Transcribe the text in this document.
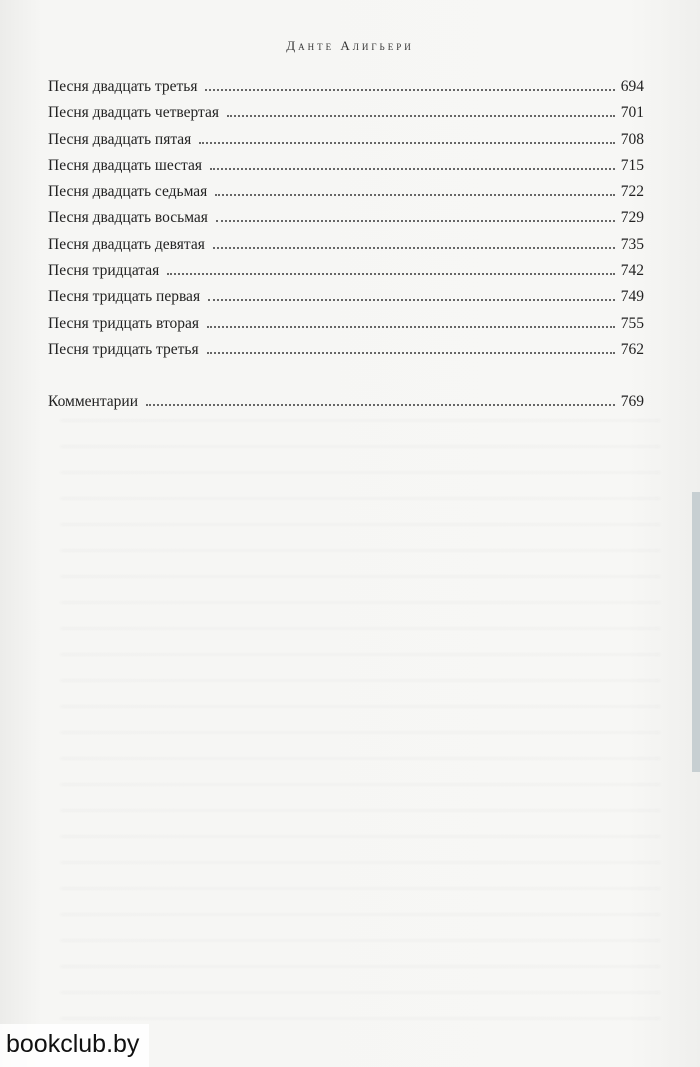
Данте Алигьери
Песня двадцать третья	694
Песня двадцать четвертая	701
Песня двадцать пятая	708
Песня двадцать шестая	715
Песня двадцать седьмая	722
Песня двадцать восьмая	729
Песня двадцать девятая	735
Песня тридцатая	742
Песня тридцать первая	749
Песня тридцать вторая	755
Песня тридцать третья	762
Комментарии	769
bookclub.by
